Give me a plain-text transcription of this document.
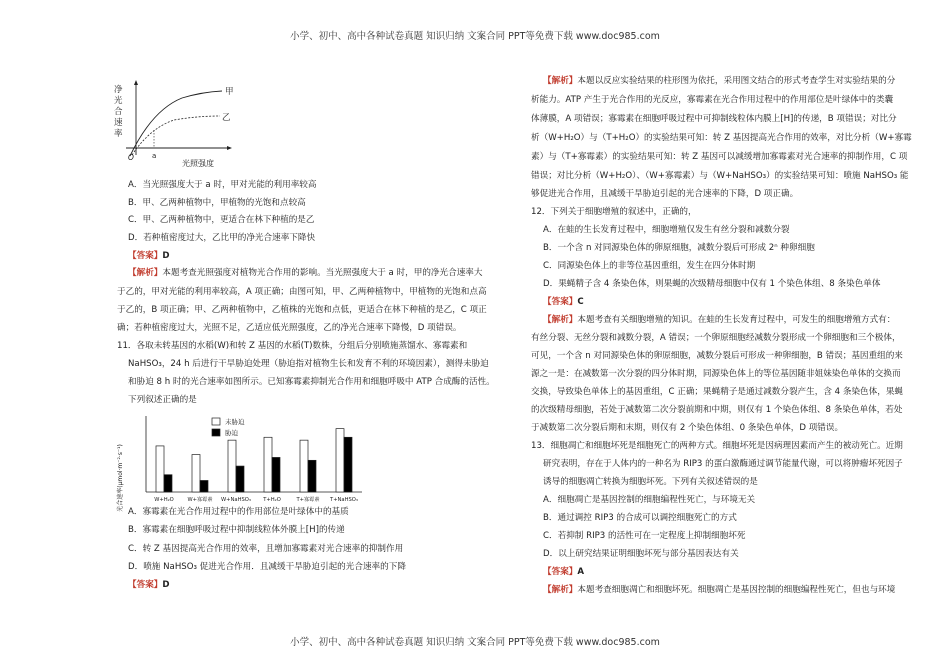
小学、初中、高中各种试卷真题 知识归纳 文案合同 PPT等免费下载 www.doc985.com
净
光
合
速
率
O	a
甲
乙
光照强度
A．当光照强度大于 a 时，甲对光能的利用率较高
B．甲、乙两种植物中，甲植物的光饱和点较高
C．甲、乙两种植物中，更适合在林下种植的是乙
D．若种植密度过大，乙比甲的净光合速率下降快
【答案】D
【解析】本题考查光照强度对植物光合作用的影响。当光照强度大于 a 时，甲的净光合速率大
于乙的，甲对光能的利用率较高，A 项正确；由图可知，甲、乙两种植物中，甲植物的光饱和点高
于乙的，B 项正确；甲、乙两种植物中，乙植株的光饱和点低，更适合在林下种植的是乙，C 项正
确；若种植密度过大，光照不足，乙适应低光照强度，乙的净光合速率下降慢，D 项错误。
11．各取未转基因的水稻(W)和转 Z 基因的水稻(T)数株，分组后分别喷施蒸馏水、寡霉素和
NaHSO₃，24 h 后进行干旱胁迫处理（胁迫指对植物生长和发育不利的环境因素），测得未胁迫
和胁迫 8 h 时的光合速率如图所示。已知寡霉素抑制光合作用和细胞呼吸中 ATP 合成酶的活性。
下列叙述正确的是
光合速率(μmol·m⁻²·s⁻¹)	W+H₂O	W+寡霉素 W+NaHSO₃ T+H₂O	T+寡霉素 T+NaHSO₃
未胁迫
胁迫
A．寡霉素在光合作用过程中的作用部位是叶绿体中的基质
B．寡霉素在细胞呼吸过程中抑制线粒体外膜上[H]的传递
C．转 Z 基因提高光合作用的效率，且增加寡霉素对光合速率的抑制作用
D．喷施 NaHSO₃ 促进光合作用．且减缓干旱胁迫引起的光合速率的下降
【答案】D
【解析】本题以反应实验结果的柱形图为依托，采用图文结合的形式考查学生对实验结果的分
析能力。ATP 产生于光合作用的光反应，寡霉素在光合作用过程中的作用部位是叶绿体中的类囊
体薄膜，A 项错误；寡霉素在细胞呼吸过程中可抑制线粒体内膜上[H]的传递，B 项错误；对比分
析（W+H₂O）与（T+H₂O）的实验结果可知：转 Z 基因提高光合作用的效率，对比分析（W+寡霉
素）与（T+寡霉素）的实验结果可知：转 Z 基因可以减缓增加寡霉素对光合速率的抑制作用，C 项
错误；对比分析（W+H₂O）、（W+寡霉素）与（W+NaHSO₃）的实验结果可知：喷施 NaHSO₃ 能
够促进光合作用，且减缓干旱胁迫引起的光合速率的下降，D 项正确。
12．下列关于细胞增殖的叙述中，正确的，
A．在蛙的生长发育过程中，细胞增殖仅发生有丝分裂和减数分裂
B．一个含 n 对同源染色体的卵原细胞，减数分裂后可形成 2ⁿ 种卵细胞
C．同源染色体上的非等位基因重组，发生在四分体时期
D．果蝇精子含 4 条染色体，则果蝇的次级精母细胞中仅有 1 个染色体组、8 条染色单体
【答案】C
【解析】本题考查有关细胞增殖的知识。在蛙的生长发育过程中，可发生的细胞增殖方式有：
有丝分裂、无丝分裂和减数分裂，A 错误；一个卵原细胞经减数分裂形成一个卵细胞和三个极体，
可见，一个含 n 对同源染色体的卵原细胞，减数分裂后可形成一种卵细胞，B 错误；基因重组的来
源之一是：在减数第一次分裂的四分体时期，同源染色体上的等位基因随非姐妹染色单体的交换而
交换，导致染色单体上的基因重组，C 正确；果蝇精子是通过减数分裂产生，含 4 条染色体，果蝇
的次级精母细胞，若处于减数第二次分裂前期和中期，则仅有 1 个染色体组、8 条染色单体，若处
于减数第二次分裂后期和末期，则仅有 2 个染色体组、0 条染色单体，D 项错误。
13．细胞凋亡和细胞坏死是细胞死亡的两种方式。细胞坏死是因病理因素而产生的被动死亡。近期
研究表明，存在于人体内的一种名为 RIP3 的蛋白激酶通过调节能量代谢，可以将肿瘤坏死因子
诱导的细胞凋亡转换为细胞坏死。下列有关叙述错误的是
A．细胞凋亡是基因控制的细胞编程性死亡，与环境无关
B．通过调控 RIP3 的合成可以调控细胞死亡的方式
C．若抑制 RIP3 的活性可在一定程度上抑制细胞坏死
D．以上研究结果证明细胞坏死与部分基因表达有关
【答案】A
【解析】本题考查细胞凋亡和细胞坏死。细胞凋亡是基因控制的细胞编程性死亡，但也与环境
小学、初中、高中各种试卷真题 知识归纳 文案合同 PPT等免费下载 www.doc985.com
